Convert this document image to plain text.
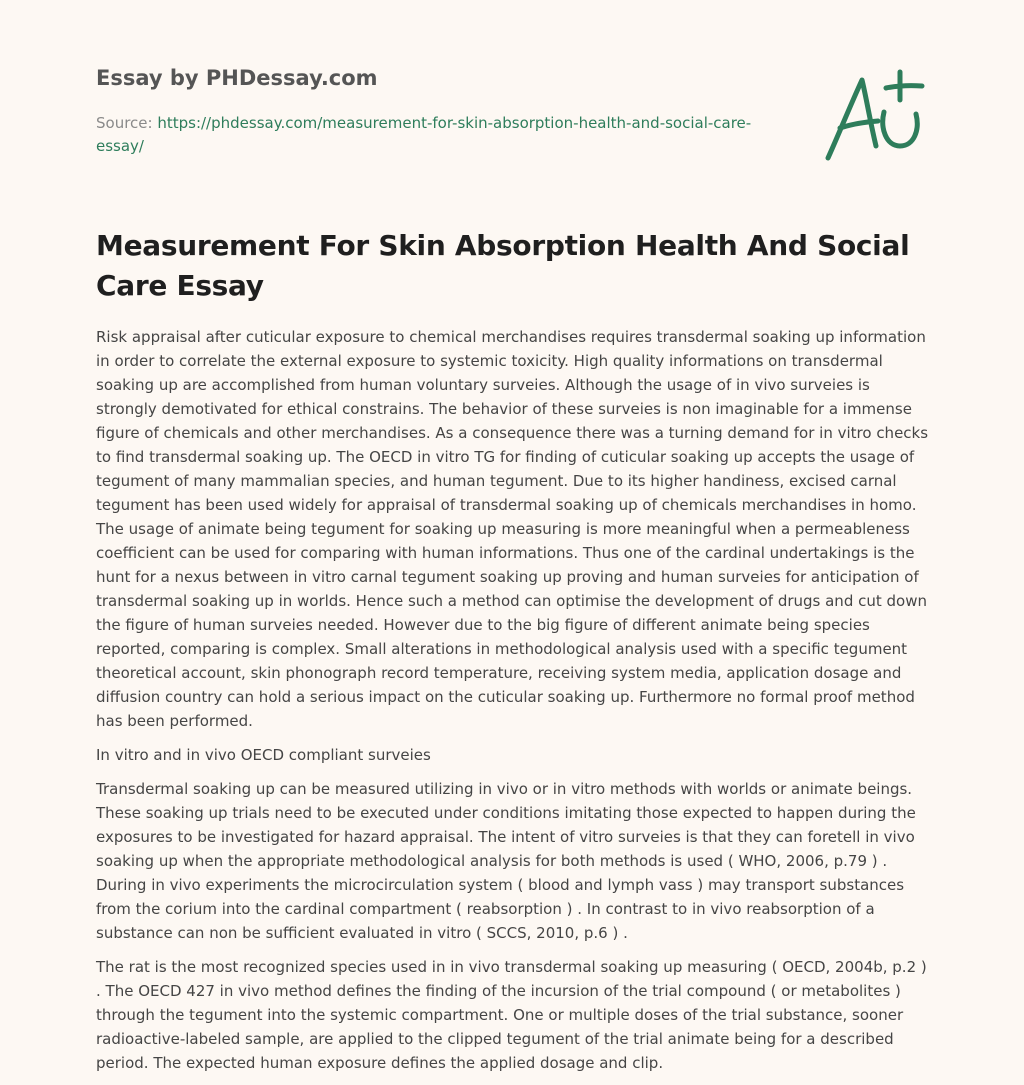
Essay by PHDessay.com
Source: https://phdessay.com/measurement-for-skin-absorption-health-and-social-care-essay/
Measurement For Skin Absorption Health And Social Care Essay

Risk appraisal after cuticular exposure to chemical merchandises requires transdermal soaking up information in order to correlate the external exposure to systemic toxicity. High quality informations on transdermal soaking up are accomplished from human voluntary surveies. Although the usage of in vivo surveies is strongly demotivated for ethical constrains. The behavior of these surveies is non imaginable for a immense figure of chemicals and other merchandises. As a consequence there was a turning demand for in vitro checks to find transdermal soaking up. The OECD in vitro TG for finding of cuticular soaking up accepts the usage of tegument of many mammalian species, and human tegument. Due to its higher handiness, excised carnal tegument has been used widely for appraisal of transdermal soaking up of chemicals merchandises in homo. The usage of animate being tegument for soaking up measuring is more meaningful when a permeableness coefficient can be used for comparing with human informations. Thus one of the cardinal undertakings is the hunt for a nexus between in vitro carnal tegument soaking up proving and human surveies for anticipation of transdermal soaking up in worlds. Hence such a method can optimise the development of drugs and cut down the figure of human surveies needed. However due to the big figure of different animate being species reported, comparing is complex. Small alterations in methodological analysis used with a specific tegument theoretical account, skin phonograph record temperature, receiving system media, application dosage and diffusion country can hold a serious impact on the cuticular soaking up. Furthermore no formal proof method has been performed.

In vitro and in vivo OECD compliant surveies

Transdermal soaking up can be measured utilizing in vivo or in vitro methods with worlds or animate beings. These soaking up trials need to be executed under conditions imitating those expected to happen during the exposures to be investigated for hazard appraisal. The intent of vitro surveies is that they can foretell in vivo soaking up when the appropriate methodological analysis for both methods is used ( WHO, 2006, p.79 ) . During in vivo experiments the microcirculation system ( blood and lymph vass ) may transport substances from the corium into the cardinal compartment ( reabsorption ) . In contrast to in vivo reabsorption of a substance can non be sufficient evaluated in vitro ( SCCS, 2010, p.6 ) .

The rat is the most recognized species used in in vivo transdermal soaking up measuring ( OECD, 2004b, p.2 ) . The OECD 427 in vivo method defines the finding of the incursion of the trial compound ( or metabolites ) through the tegument into the systemic compartment. One or multiple doses of the trial substance, sooner radioactive-labeled sample, are applied to the clipped tegument of the trial animate being for a described period. The expected human exposure defines the applied dosage and clip.
